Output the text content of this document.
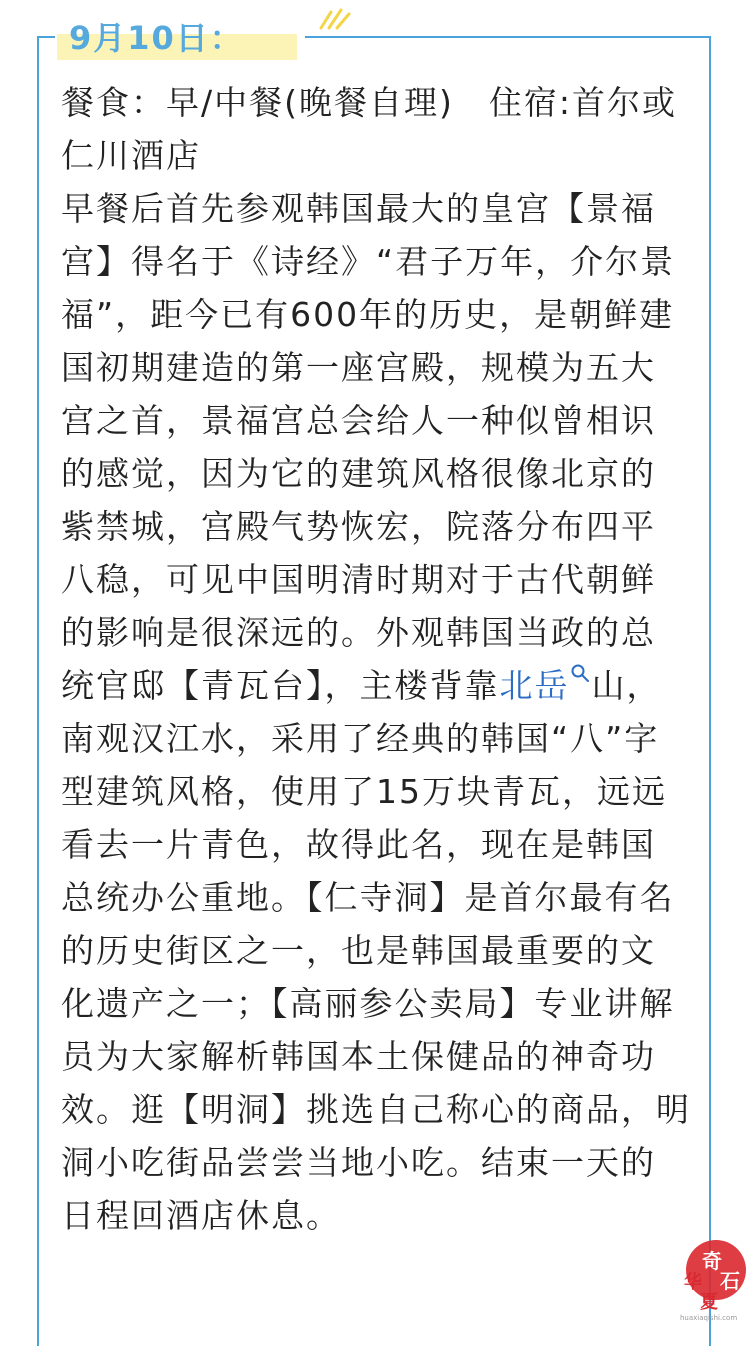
9月10日：
餐食：早/中餐(晚餐自理)　住宿:首尔或
仁川酒店
早餐后首先参观韩国最大的皇宫【景福
宫】得名于《诗经》“君子万年，介尔景
福”，距今已有600年的历史，是朝鲜建
国初期建造的第一座宫殿，规模为五大
宫之首，景福宫总会给人一种似曾相识
的感觉，因为它的建筑风格很像北京的
紫禁城，宫殿气势恢宏，院落分布四平
八稳，可见中国明清时期对于古代朝鲜
的影响是很深远的。外观韩国当政的总
统官邸【青瓦台】，主楼背靠北岳 山，
南观汉江水，采用了经典的韩国“八”字
型建筑风格，使用了15万块青瓦，远远
看去一片青色，故得此名，现在是韩国
总统办公重地。【仁寺洞】是首尔最有名
的历史街区之一，也是韩国最重要的文
化遗产之一；【高丽参公卖局】专业讲解
员为大家解析韩国本土保健品的神奇功
效。逛【明洞】挑选自己称心的商品，明
洞小吃街品尝尝当地小吃。结束一天的
日程回酒店休息。
奇
石
华
夏
huaxiaqishi.com
